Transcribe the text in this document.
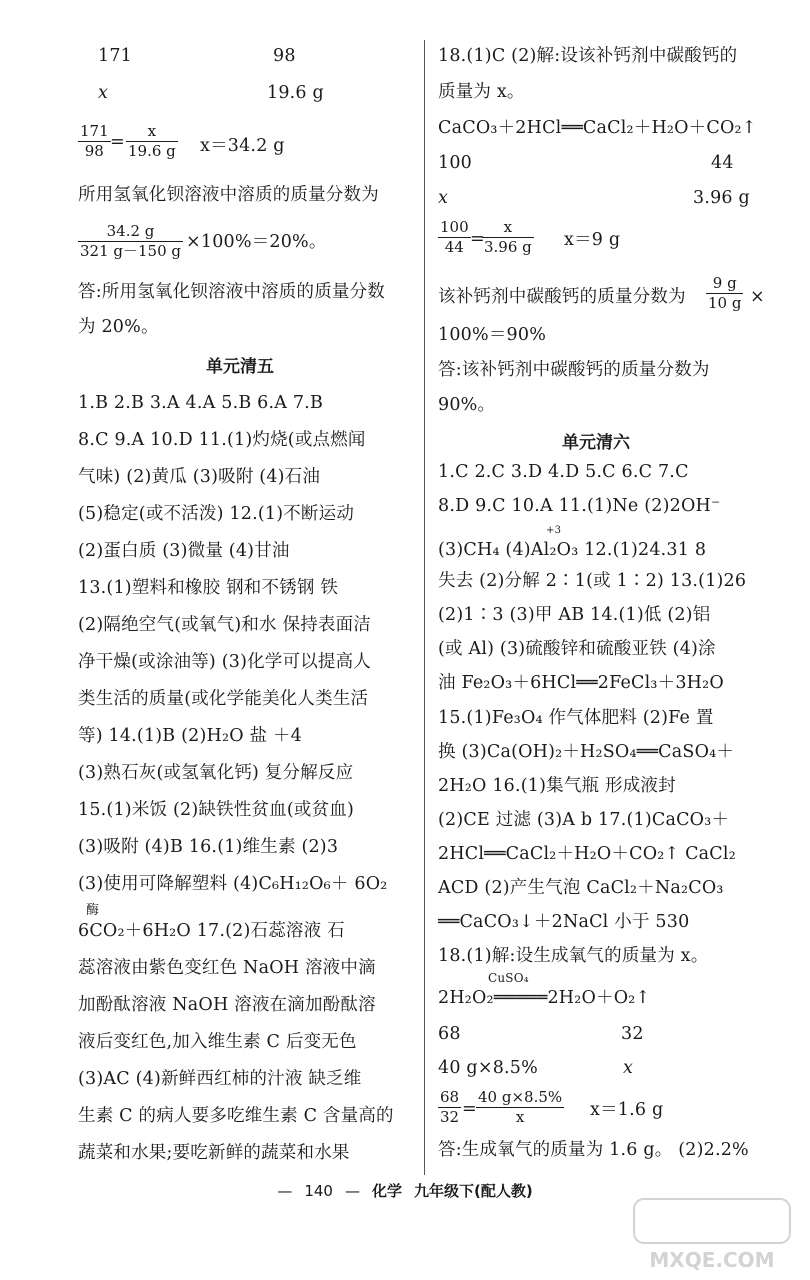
171	98
x	19.6 g
$\frac{171}{98} = \frac{x}{19.6 g} x=34.2$ g
所用氢氧化钡溶液中溶质的质量分数为
$\frac{34.2 g}{321 g-150 g} \times 100\%=20\%$。
答:所用氢氧化钡溶液中溶质的质量分数
为 20%。
单元清五
1.B 2.B 3.A 4.A 5.B 6.A 7.B
8.C 9.A 10.D 11.(1)灼烧(或点燃闻
气味) (2)黄瓜 (3)吸附 (4)石油
(5)稳定(或不活泼) 12.(1)不断运动
(2)蛋白质 (3)微量 (4)甘油
13.(1)塑料和橡胶 钢和不锈钢 铁
(2)隔绝空气(或氧气)和水 保持表面洁
净干燥(或涂油等) (3)化学可以提高人
类生活的质量(或化学能美化人类生活
等) 14.(1)B (2)H₂O 盐 ＋4
(3)熟石灰(或氢氧化钙) 复分解反应
15.(1)米饭 (2)缺铁性贫血(或贫血)
(3)吸附 (4)B 16.(1)维生素 (2)3
(3)使用可降解塑料 (4)C₆H₁₂O₆＋ 6O₂
酶
6CO₂＋6H₂O 17.(2)石蕊溶液 石
蕊溶液由紫色变红色 NaOH 溶液中滴
加酚酞溶液 NaOH 溶液在滴加酚酞溶
液后变红色,加入维生素 C 后变无色
(3)AC (4)新鲜西红柿的汁液 缺乏维
生素 C 的病人要多吃维生素 C 含量高的
蔬菜和水果;要吃新鲜的蔬菜和水果
18.(1)C (2)解:设该补钙剂中碳酸钙的
质量为 x。
CaCO₃＋2HCl══CaCl₂＋H₂O＋CO₂↑
100	44
x	3.96 g
$\frac{100}{44}$ =
$\frac{x}{3.96 g} x=9$ g
该补钙剂中碳酸钙的质量分数为 $\frac{9 g}{10 g}$ ×
100%＝90%
答:该补钙剂中碳酸钙的质量分数为
90%。
单元清六
1.C 2.C 3.D 4.D 5.C 6.C 7.C
8.D 9.C 10.A 11.(1)Ne (2)2OH⁻
+3
(3)CH₄ (4)Al₂O₃ 12.(1)24.31 8
失去 (2)分解 2∶1(或 1∶2) 13.(1)26
(2)1∶3 (3)甲 AB 14.(1)低 (2)铝
(或 Al) (3)硫酸锌和硫酸亚铁 (4)涂
油 Fe₂O₃＋6HCl══2FeCl₃＋3H₂O
15.(1)Fe₃O₄ 作气体肥料 (2)Fe 置
换 (3)Ca(OH)₂＋H₂SO₄══CaSO₄＋
2H₂O 16.(1)集气瓶 形成液封
(2)CE 过滤 (3)A b 17.(1)CaCO₃＋
2HCl══CaCl₂＋H₂O＋CO₂↑ CaCl₂
ACD (2)产生气泡 CaCl₂＋Na₂CO₃
══CaCO₃↓＋2NaCl 小于 530
18.(1)解:设生成氧气的质量为 x。
CuSO₄
2H₂O₂═════2H₂O＋O₂↑
68	32
40 g×8.5%	x
$\frac{68}{32} = \frac{40 g\times 8.5\%}{x} x=1.6$ g
答:生成氧气的质量为 1.6 g。 (2)2.2%
— 140 — 化学 九年级下(配人教)
MXQE.COM
